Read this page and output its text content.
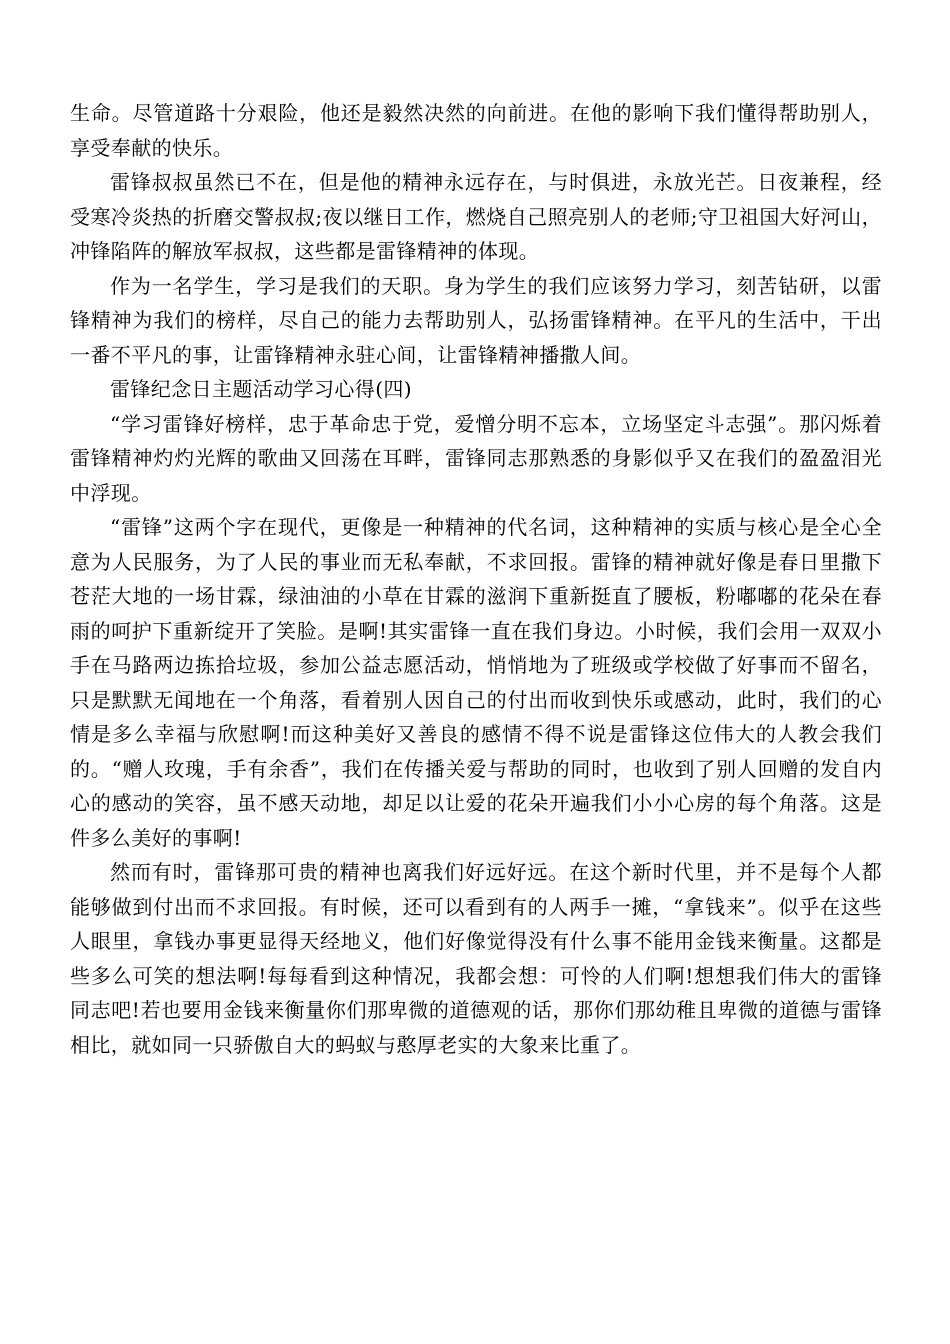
生命。尽管道路十分艰险，他还是毅然决然的向前进。在他的影响下我们懂得帮助别人，享受奉献的快乐。

雷锋叔叔虽然已不在，但是他的精神永远存在，与时俱进，永放光芒。日夜兼程，经受寒冷炎热的折磨交警叔叔;夜以继日工作，燃烧自己照亮别人的老师;守卫祖国大好河山，冲锋陷阵的解放军叔叔，这些都是雷锋精神的体现。

作为一名学生，学习是我们的天职。身为学生的我们应该努力学习，刻苦钻研，以雷锋精神为我们的榜样，尽自己的能力去帮助别人，弘扬雷锋精神。在平凡的生活中，干出一番不平凡的事，让雷锋精神永驻心间，让雷锋精神播撒人间。

雷锋纪念日主题活动学习心得(四)

“学习雷锋好榜样，忠于革命忠于党，爱憎分明不忘本，立场坚定斗志强”。那闪烁着雷锋精神灼灼光辉的歌曲又回荡在耳畔，雷锋同志那熟悉的身影似乎又在我们的盈盈泪光中浮现。

“雷锋”这两个字在现代，更像是一种精神的代名词，这种精神的实质与核心是全心全意为人民服务，为了人民的事业而无私奉献，不求回报。雷锋的精神就好像是春日里撒下苍茫大地的一场甘霖，绿油油的小草在甘霖的滋润下重新挺直了腰板，粉嘟嘟的花朵在春雨的呵护下重新绽开了笑脸。是啊!其实雷锋一直在我们身边。小时候，我们会用一双双小手在马路两边拣拾垃圾，参加公益志愿活动，悄悄地为了班级或学校做了好事而不留名，只是默默无闻地在一个角落，看着别人因自己的付出而收到快乐或感动，此时，我们的心情是多么幸福与欣慰啊!而这种美好又善良的感情不得不说是雷锋这位伟大的人教会我们的。“赠人玫瑰，手有余香”，我们在传播关爱与帮助的同时，也收到了别人回赠的发自内心的感动的笑容，虽不感天动地，却足以让爱的花朵开遍我们小小心房的每个角落。这是件多么美好的事啊!

然而有时，雷锋那可贵的精神也离我们好远好远。在这个新时代里，并不是每个人都能够做到付出而不求回报。有时候，还可以看到有的人两手一摊，“拿钱来”。似乎在这些人眼里，拿钱办事更显得天经地义，他们好像觉得没有什么事不能用金钱来衡量。这都是些多么可笑的想法啊!每每看到这种情况，我都会想：可怜的人们啊!想想我们伟大的雷锋同志吧!若也要用金钱来衡量你们那卑微的道德观的话，那你们那幼稚且卑微的道德与雷锋相比，就如同一只骄傲自大的蚂蚁与憨厚老实的大象来比重了。
